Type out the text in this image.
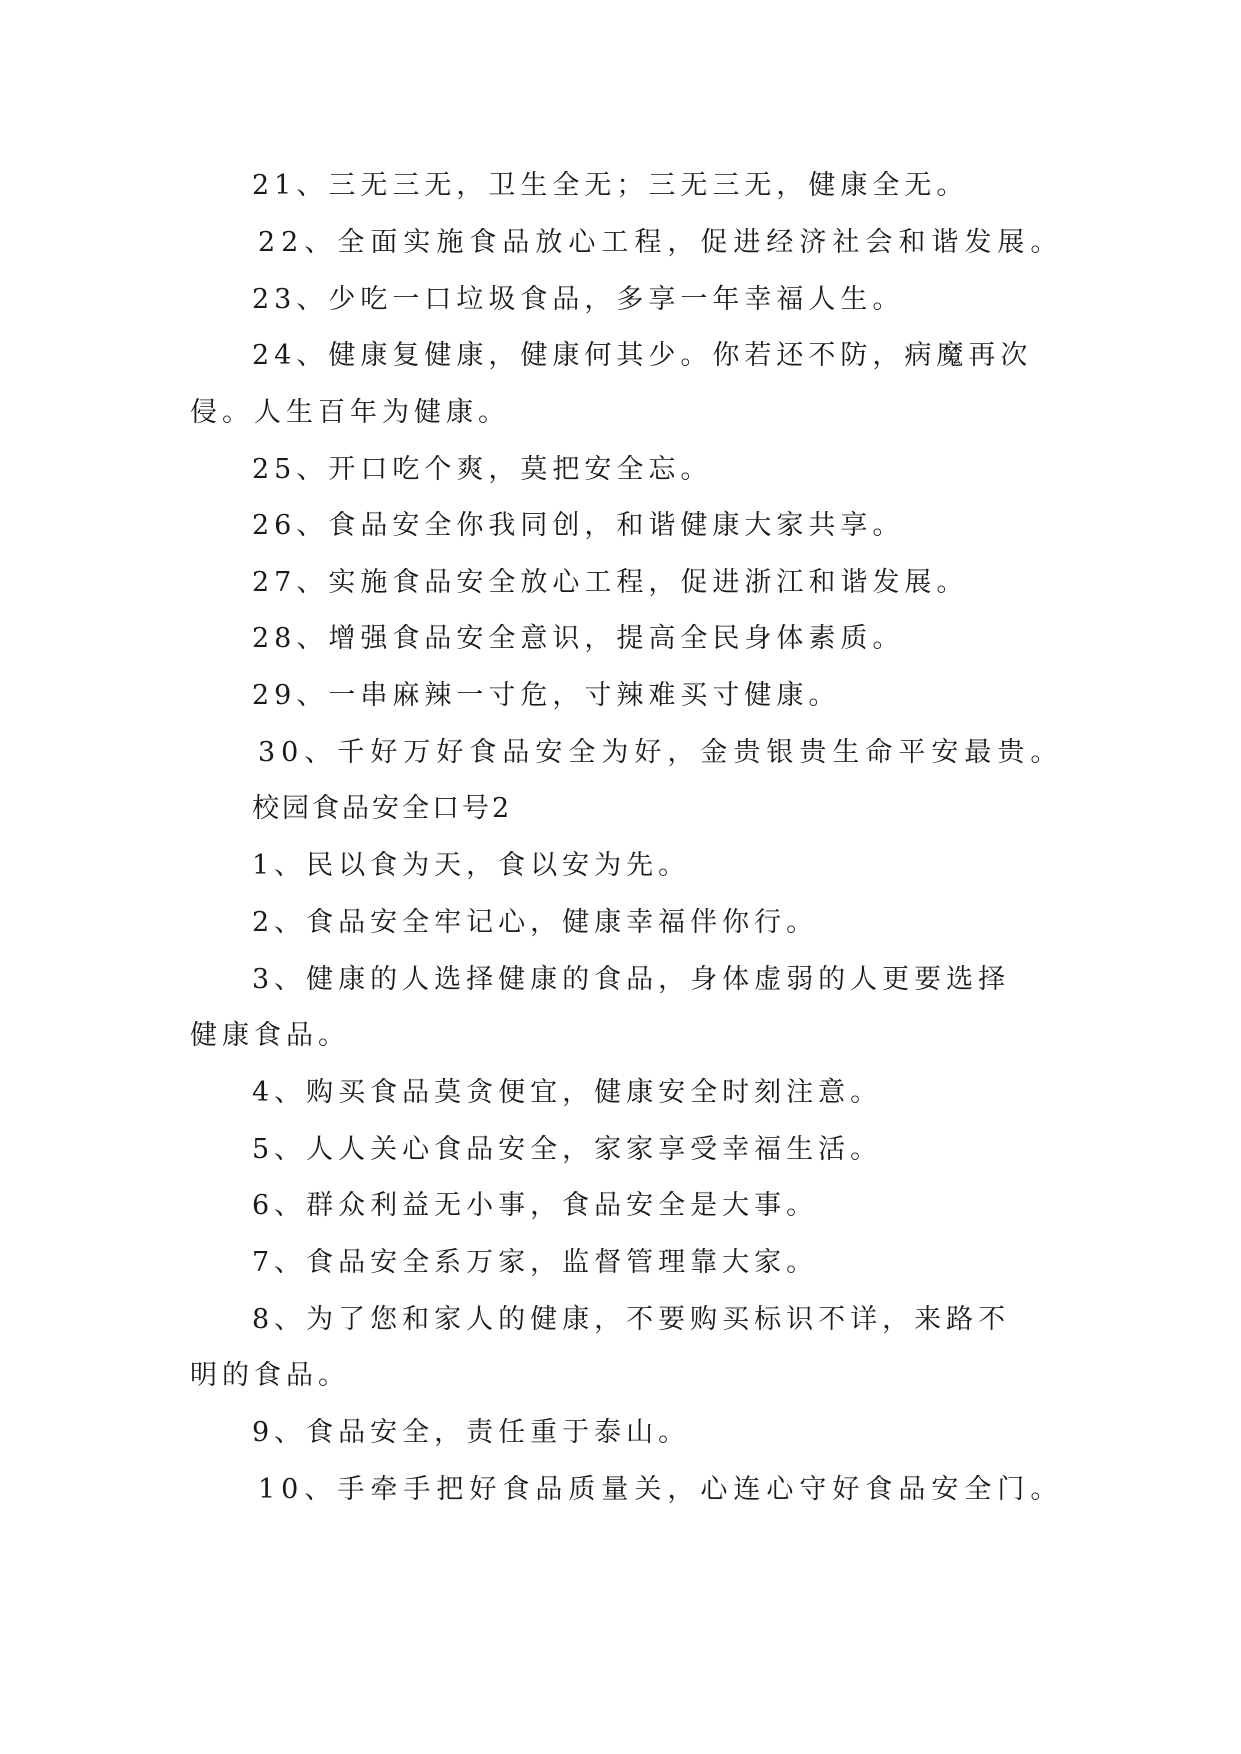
21、三无三无，卫生全无；三无三无，健康全无。
22、全面实施食品放心工程，促进经济社会和谐发展。
23、少吃一口垃圾食品，多享一年幸福人生。
24、健康复健康，健康何其少。你若还不防，病魔再次
侵。人生百年为健康。
25、开口吃个爽，莫把安全忘。
26、食品安全你我同创，和谐健康大家共享。
27、实施食品安全放心工程，促进浙江和谐发展。
28、增强食品安全意识，提高全民身体素质。
29、一串麻辣一寸危，寸辣难买寸健康。
30、千好万好食品安全为好，金贵银贵生命平安最贵。
校园食品安全口号2
1、民以食为天，食以安为先。
2、食品安全牢记心，健康幸福伴你行。
3、健康的人选择健康的食品，身体虚弱的人更要选择
健康食品。
4、购买食品莫贪便宜，健康安全时刻注意。
5、人人关心食品安全，家家享受幸福生活。
6、群众利益无小事，食品安全是大事。
7、食品安全系万家，监督管理靠大家。
8、为了您和家人的健康，不要购买标识不详，来路不
明的食品。
9、食品安全，责任重于泰山。
10、手牵手把好食品质量关，心连心守好食品安全门。
